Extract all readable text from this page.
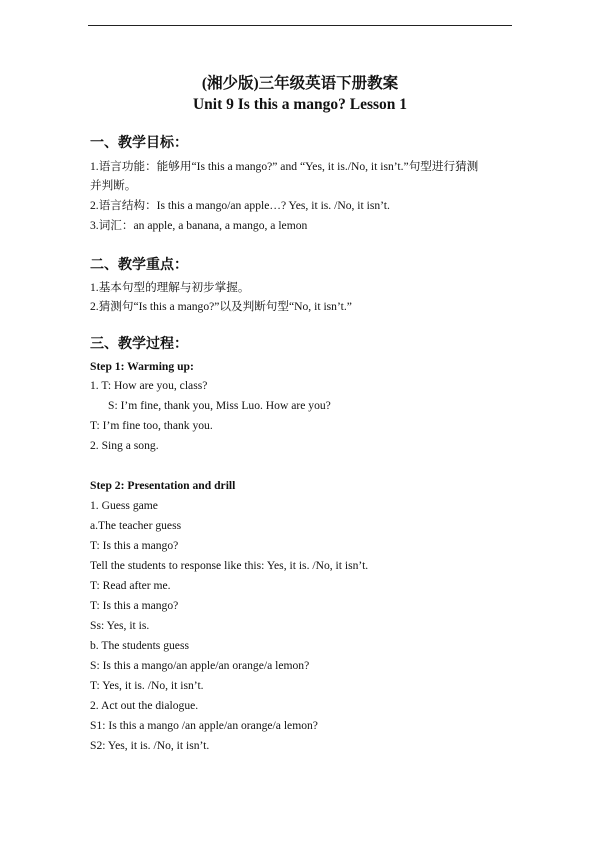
(湘少版)三年级英语下册教案
Unit 9 Is this a mango? Lesson 1
一、教学目标：
1.语言功能：能够用“Is this a mango?” and “Yes, it is./No, it isn’t.”句型进行猜测
并判断。
2.语言结构：Is this a mango/an apple…? Yes, it is. /No, it isn’t.
3.词汇：an apple, a banana, a mango, a lemon
二、教学重点：
1.基本句型的理解与初步掌握。
2.猜测句“Is this a mango?”以及判断句型“No, it isn’t.”
三、教学过程：
Step 1: Warming up:
1. T: How are you, class?
S: I’m fine, thank you, Miss Luo. How are you?
T: I’m fine too, thank you.
2. Sing a song.
Step 2: Presentation and drill
1. Guess game
a.The teacher guess
T: Is this a mango?
Tell the students to response like this: Yes, it is. /No, it isn’t.
T: Read after me.
T: Is this a mango?
Ss: Yes, it is.
b. The students guess
S: Is this a mango/an apple/an orange/a lemon?
T: Yes, it is. /No, it isn’t.
2. Act out the dialogue.
S1: Is this a mango /an apple/an orange/a lemon?
S2: Yes, it is. /No, it isn’t.
